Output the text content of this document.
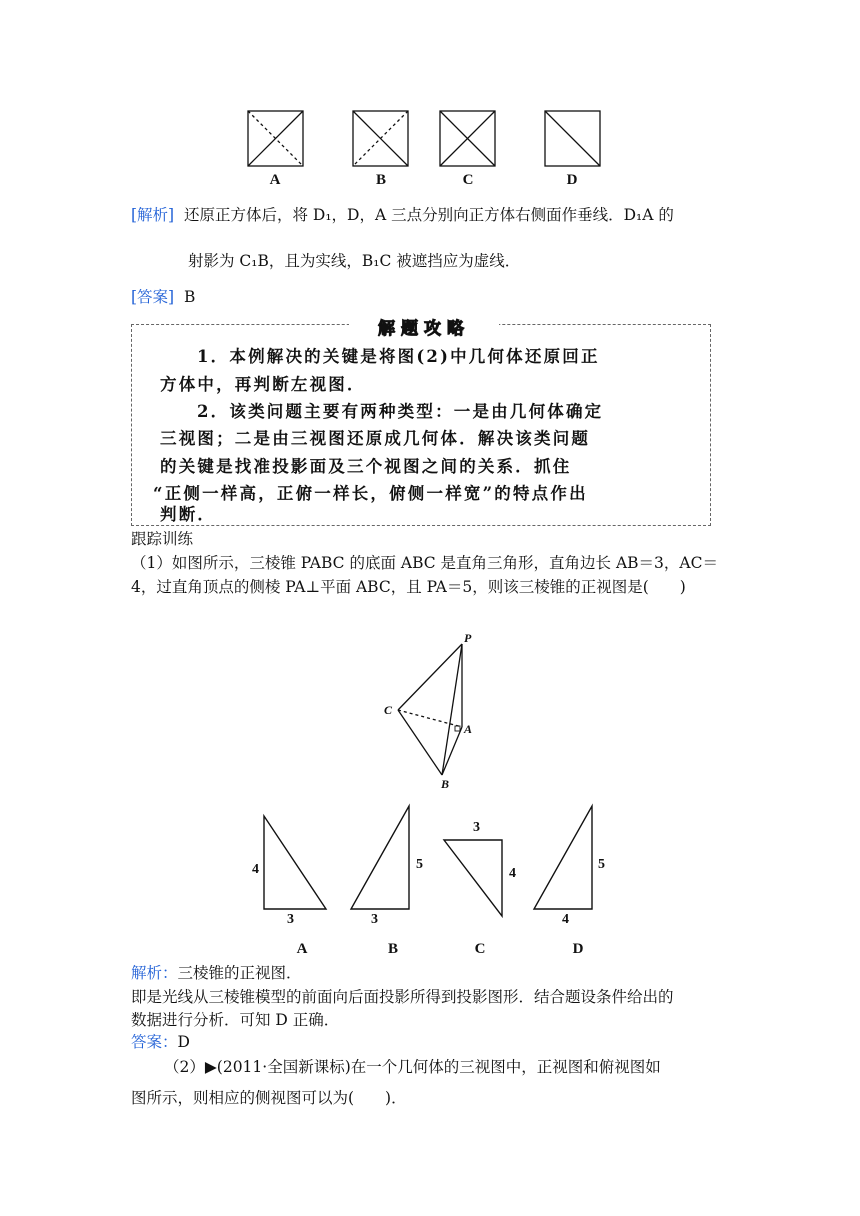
A	B	C	D
[解析] 还原正方体后，将 D₁，D，A 三点分别向正方体右侧面作垂线．D₁A 的
射影为 C₁B，且为实线，B₁C 被遮挡应为虚线．
[答案] B
解题攻略
1．本例解决的关键是将图(2)中几何体还原回正
方体中，再判断左视图．
2．该类问题主要有两种类型：一是由几何体确定
三视图；二是由三视图还原成几何体．解决该类问题
的关键是找准投影面及三个视图之间的关系．抓住
“正侧一样高，正俯一样长，俯侧一样宽”的特点作出
判断．
跟踪训练
（1）如图所示，三棱锥 PABC 的底面 ABC 是直角三角形，直角边长 AB＝3，AC＝
4，过直角顶点的侧棱 PA⊥平面 ABC，且 PA＝5，则该三棱锥的正视图是(　　)
P
C
A
B
4
3
5
3
3
4
5
4
A	B	C	D
解析：三棱锥的正视图．
即是光线从三棱锥模型的前面向后面投影所得到投影图形．结合题设条件给出的
数据进行分析．可知 D 正确．
答案：D
（2）▶(2011·全国新课标)在一个几何体的三视图中，正视图和俯视图如
图所示，则相应的侧视图可以为(　　)．
